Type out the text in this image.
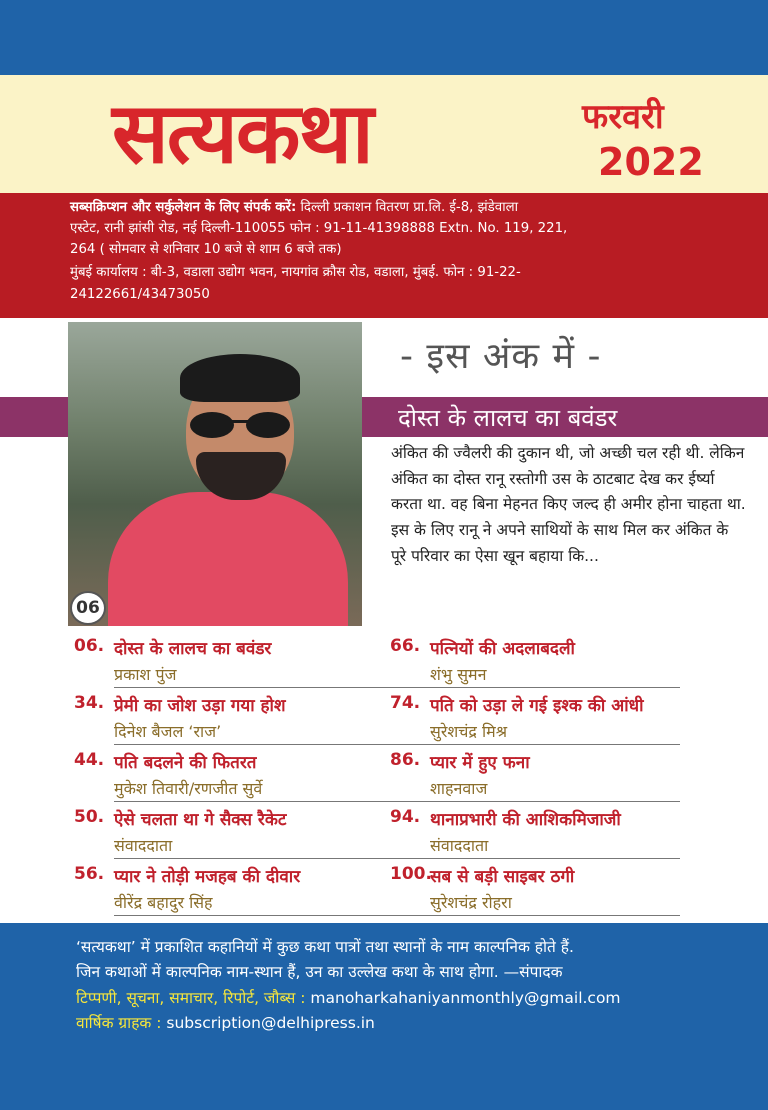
सत्यकथा	फरवरी
2022

सब्सक्रिप्शन और सर्कुलेशन के लिए संपर्क करें: दिल्ली प्रकाशन वितरण प्रा.लि. ई-8, झंडेवाला

एस्टेट, रानी झांसी रोड, नई दिल्ली-110055 फोन : 91-11-41398888 Extn. No. 119, 221,

264 ( सोमवार से शनिवार 10 बजे से शाम 6 बजे तक)

मुंबई कार्यालय : बी-3, वडाला उद्योग भवन, नायगांव क्रौस रोड, वडाला, मुंबई. फोन : 91-22-

24122661/43473050

06
- इस अंक में -
दोस्त के लालच का बवंडर

अंकित की ज्वैलरी की दुकान थी, जो अच्छी चल रही थी. लेकिन अंकित का दोस्त रानू रस्तोगी उस के ठाटबाट देख कर ईर्ष्या करता था. वह बिना मेहनत किए जल्द ही अमीर होना चाहता था. इस के लिए रानू ने अपने साथियों के साथ मिल कर अंकित के पूरे परिवार का ऐसा खून बहाया कि...

06. दोस्त के लालच का बवंडर
प्रकाश पुंज
34. प्रेमी का जोश उड़ा गया होश
दिनेश बैजल ‘राज’
44. पति बदलने की फितरत
मुकेश तिवारी/रणजीत सुर्वे
50. ऐसे चलता था गे सैक्स रैकेट
संवाददाता
56. प्यार ने तोड़ी मजहब की दीवार
वीरेंद्र बहादुर सिंह
66. पत्नियों की अदलाबदली
शंभु सुमन
74. पति को उड़ा ले गई इश्क की आंधी
सुरेशचंद्र मिश्र
86. प्यार में हुए फना
शाहनवाज
94. थानाप्रभारी की आशिकमिजाजी
संवाददाता
100.
सब से बड़ी साइबर ठगी
सुरेशचंद्र रोहरा

‘सत्यकथा’ में प्रकाशित कहानियों में कुछ कथा पात्रों तथा स्थानों के नाम काल्पनिक होते हैं.

जिन कथाओं में काल्पनिक नाम-स्थान हैं, उन का उल्लेख कथा के साथ होगा. —संपादक

टिप्पणी, सूचना, समाचार, रिपोर्ट, जौब्स : manoharkahaniyanmonthly@gmail.com

वार्षिक ग्राहक : subscription@delhipress.in
